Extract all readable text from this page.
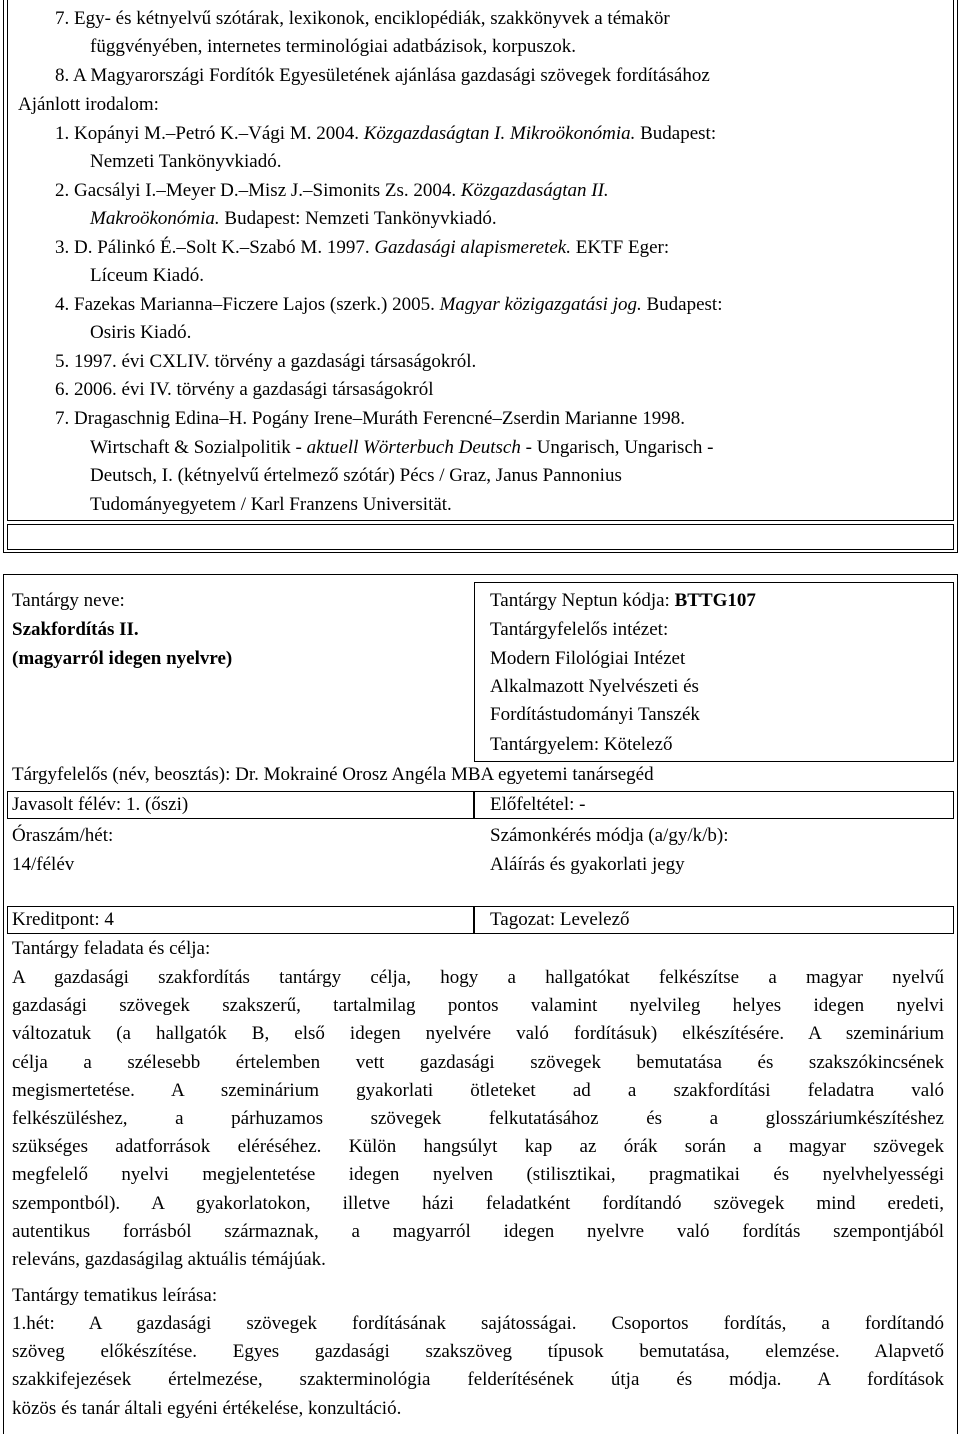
7. Egy- és kétnyelvű szótárak, lexikonok, enciklopédiák, szakkönyvek a témakör
függvényében, internetes terminológiai adatbázisok, korpuszok.
8. A Magyarországi Fordítók Egyesületének ajánlása gazdasági szövegek fordításához
Ajánlott irodalom:
1. Kopányi M.–Petró K.–Vági M. 2004. Közgazdaságtan I. Mikroökonómia. Budapest:
Nemzeti Tankönyvkiadó.
2. Gacsályi I.–Meyer D.–Misz J.–Simonits Zs. 2004. Közgazdaságtan II.
Makroökonómia. Budapest: Nemzeti Tankönyvkiadó.
3. D. Pálinkó É.–Solt K.–Szabó M. 1997. Gazdasági alapismeretek. EKTF Eger:
Líceum Kiadó.
4. Fazekas Marianna–Ficzere Lajos (szerk.) 2005. Magyar közigazgatási jog. Budapest:
Osiris Kiadó.
5. 1997. évi CXLIV. törvény a gazdasági társaságokról.
6. 2006. évi IV. törvény a gazdasági társaságokról
7. Dragaschnig Edina–H. Pogány Irene–Muráth Ferencné–Zserdin Marianne 1998.
Wirtschaft & Sozialpolitik - aktuell Wörterbuch Deutsch - Ungarisch, Ungarisch -
Deutsch, I. (kétnyelvű értelmező szótár) Pécs / Graz, Janus Pannonius
Tudományegyetem / Karl Franzens Universität.
Tantárgy neve:
Szakfordítás II.
(magyarról idegen nyelvre)
Tantárgy Neptun kódja: BTTG107
Tantárgyfelelős intézet:
Modern Filológiai Intézet
Alkalmazott Nyelvészeti és
Fordítástudományi Tanszék
Tantárgyelem: Kötelező
Tárgyfelelős (név, beosztás): Dr. Mokrainé Orosz Angéla MBA egyetemi tanársegéd
Javasolt félév: 1. (őszi)	Előfeltétel: -
Óraszám/hét:
14/félév
Számonkérés módja (a/gy/k/b):
Aláírás és gyakorlati jegy
Kreditpont: 4	Tagozat: Levelező
Tantárgy feladata és célja:
A gazdasági szakfordítás tantárgy célja, hogy a hallgatókat felkészítse a magyar nyelvű
gazdasági szövegek szakszerű, tartalmilag pontos valamint nyelvileg helyes idegen nyelvi
változatuk (a hallgatók B, első idegen nyelvére való fordításuk) elkészítésére. A szeminárium
célja a szélesebb értelemben vett gazdasági szövegek bemutatása és szakszókincsének
megismertetése. A szeminárium gyakorlati ötleteket ad a szakfordítási feladatra való
felkészüléshez, a párhuzamos szövegek felkutatásához és a glosszáriumkészítéshez
szükséges adatforrások eléréséhez. Külön hangsúlyt kap az órák során a magyar szövegek
megfelelő nyelvi megjelentetése idegen nyelven (stilisztikai, pragmatikai és nyelvhelyességi
szempontból). A gyakorlatokon, illetve házi feladatként fordítandó szövegek mind eredeti,
autentikus forrásból származnak, a magyarról idegen nyelvre való fordítás szempontjából
releváns, gazdaságilag aktuális témájúak.
Tantárgy tematikus leírása:
1.hét: A gazdasági szövegek fordításának sajátosságai. Csoportos fordítás, a fordítandó
szöveg előkészítése. Egyes gazdasági szakszöveg típusok bemutatása, elemzése. Alapvető
szakkifejezések értelmezése, szakterminológia felderítésének útja és módja. A fordítások
közös és tanár általi egyéni értékelése, konzultáció.
